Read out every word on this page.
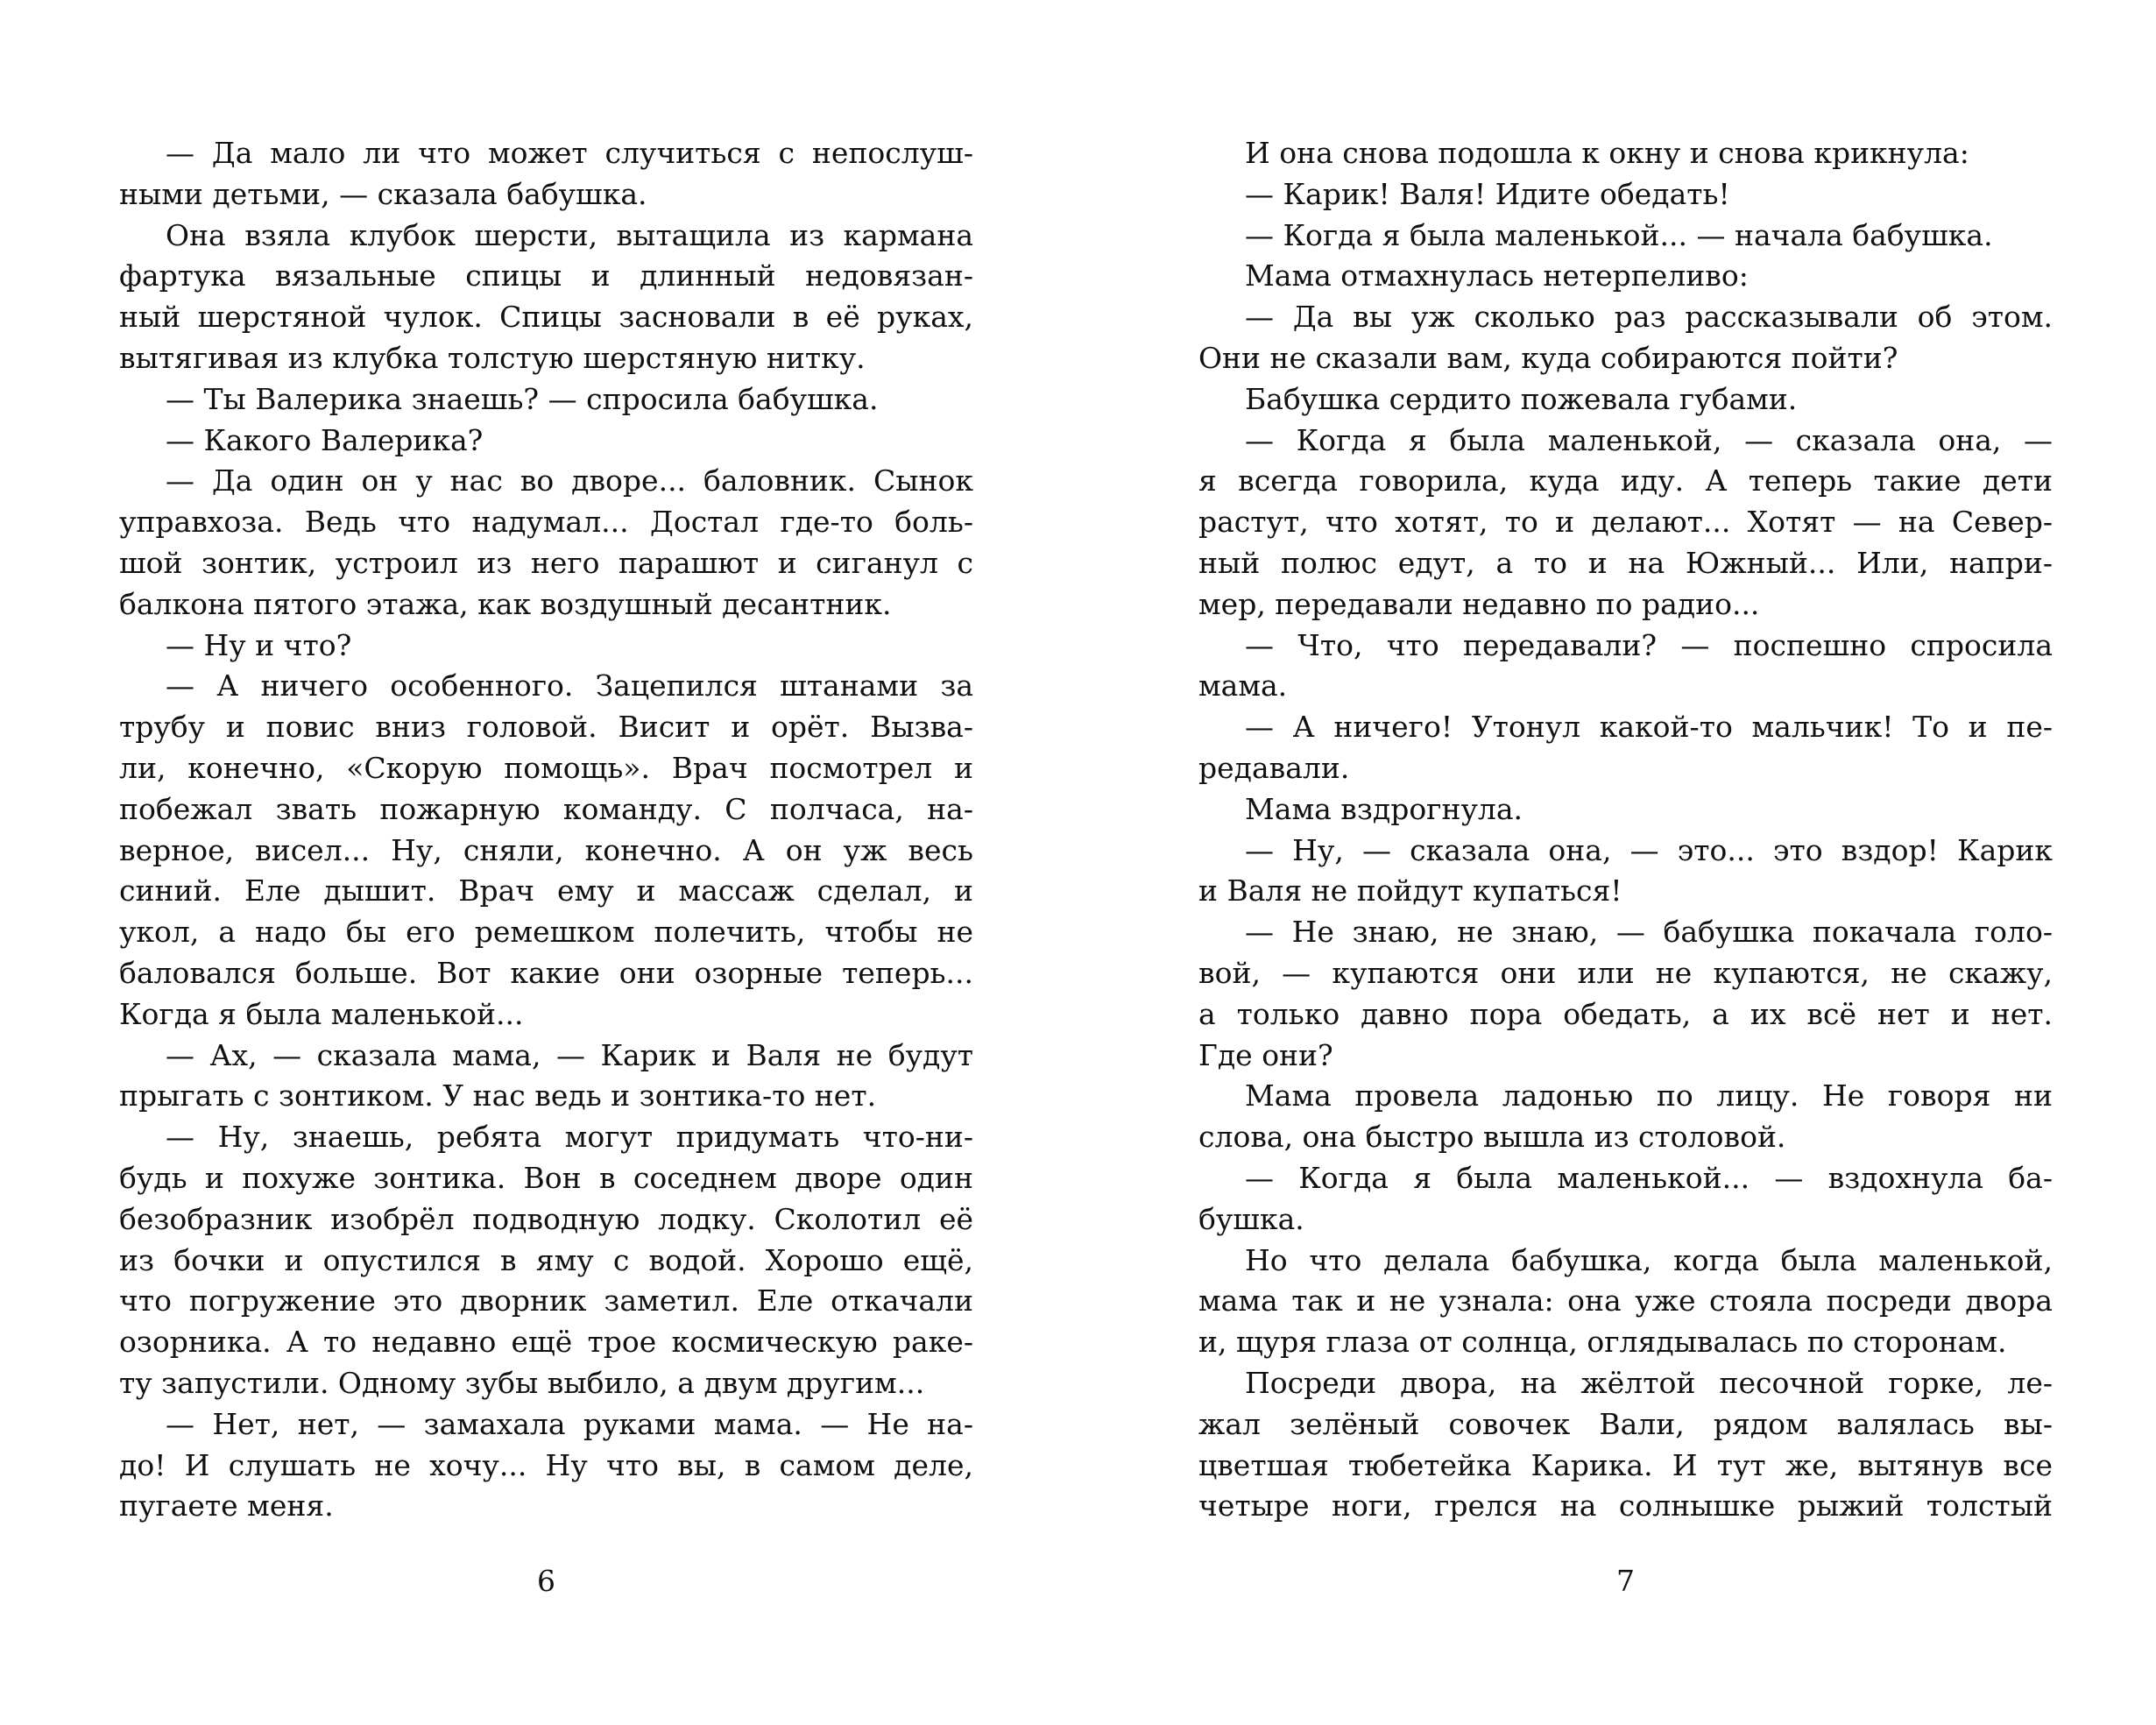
— Да мало ли что может случиться с непослуш-
ными детьми, — сказала бабушка.
Она взяла клубок шерсти, вытащила из кармана
фартука вязальные спицы и длинный недовязан-
ный шерстяной чулок. Спицы засновали в её руках,
вытягивая из клубка толстую шерстяную нитку.
— Ты Валерика знаешь? — спросила бабушка.
— Какого Валерика?
— Да один он у нас во дворе... баловник. Сынок
управхоза. Ведь что надумал... Достал где-то боль-
шой зонтик, устроил из него парашют и сиганул с
балкона пятого этажа, как воздушный десантник.
— Ну и что?
— А ничего особенного. Зацепился штанами за
трубу и повис вниз головой. Висит и орёт. Вызва-
ли, конечно, «Скорую помощь». Врач посмотрел и
побежал звать пожарную команду. С полчаса, на-
верное, висел... Ну, сняли, конечно. А он уж весь
синий. Еле дышит. Врач ему и массаж сделал, и
укол, а надо бы его ремешком полечить, чтобы не
баловался больше. Вот какие они озорные теперь...
Когда я была маленькой...
— Ах, — сказала мама, — Карик и Валя не будут
прыгать с зонтиком. У нас ведь и зонтика-то нет.
— Ну, знаешь, ребята могут придумать что-ни-
будь и похуже зонтика. Вон в соседнем дворе один
безобразник изобрёл подводную лодку. Сколотил её
из бочки и опустился в яму с водой. Хорошо ещё,
что погружение это дворник заметил. Еле откачали
озорника. А то недавно ещё трое космическую раке-
ту запустили. Одному зубы выбило, а двум другим...
— Нет, нет, — замахала руками мама. — Не на-
до! И слушать не хочу... Ну что вы, в самом деле,
пугаете меня.
6
И она снова подошла к окну и снова крикнула:
— Карик! Валя! Идите обедать!
— Когда я была маленькой... — начала бабушка.
Мама отмахнулась нетерпеливо:
— Да вы уж сколько раз рассказывали об этом.
Они не сказали вам, куда собираются пойти?
Бабушка сердито пожевала губами.
— Когда я была маленькой, — сказала она, —
я всегда говорила, куда иду. А теперь такие дети
растут, что хотят, то и делают... Хотят — на Север-
ный полюс едут, а то и на Южный... Или, напри-
мер, передавали недавно по радио...
— Что, что передавали? — поспешно спросила
мама.
— А ничего! Утонул какой-то мальчик! То и пе-
редавали.
Мама вздрогнула.
— Ну, — сказала она, — это... это вздор! Карик
и Валя не пойдут купаться!
— Не знаю, не знаю, — бабушка покачала голо-
вой, — купаются они или не купаются, не скажу,
а только давно пора обедать, а их всё нет и нет.
Где они?
Мама провела ладонью по лицу. Не говоря ни
слова, она быстро вышла из столовой.
— Когда я была маленькой... — вздохнула ба-
бушка.
Но что делала бабушка, когда была маленькой,
мама так и не узнала: она уже стояла посреди двора
и, щуря глаза от солнца, оглядывалась по сторонам.
Посреди двора, на жёлтой песочной горке, ле-
жал зелёный совочек Вали, рядом валялась вы-
цветшая тюбетейка Карика. И тут же, вытянув все
четыре ноги, грелся на солнышке рыжий толстый
7
